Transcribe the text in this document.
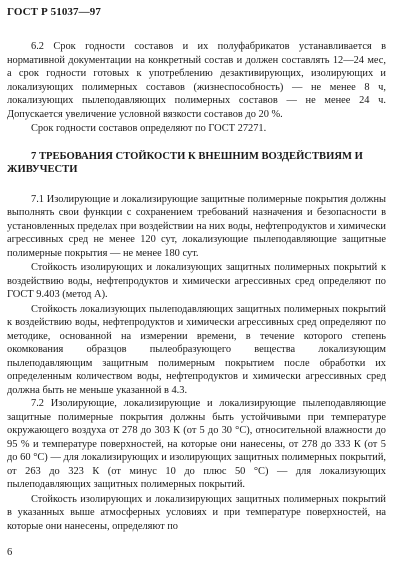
ГОСТ Р 51037—97

6.2 Срок годности составов и их полуфабрикатов устанавливается в нормативной документации на конкретный состав и должен составлять 12—24 мес, а срок годности готовых к употреблению дезактивирующих, изолирующих и локализующих полимерных составов (жизнеспособность) — не менее 8 ч, локализующих пылеподавляющих полимерных составов — не менее 24 ч. Допускается увеличение условной вязкости составов до 20 %.

Срок годности составов определяют по ГОСТ 27271.

7 ТРЕБОВАНИЯ СТОЙКОСТИ К ВНЕШНИМ ВОЗДЕЙСТВИЯМ И ЖИВУЧЕСТИ

7.1 Изолирующие и локализирующие защитные полимерные покрытия должны выполнять свои функции с сохранением требований назначения и безопасности в установленных пределах при воздействии на них воды, нефтепродуктов и химически агрессивных сред не менее 120 сут, локализующие пылеподавляющие защитные полимерные покрытия — не менее 180 сут.

Стойкость изолирующих и локализующих защитных полимерных покрытий к воздействию воды, нефтепродуктов и химически агрессивных сред определяют по ГОСТ 9.403 (метод А).

Стойкость локализующих пылеподавляющих защитных полимерных покрытий к воздействию воды, нефтепродуктов и химически агрессивных сред определяют по методике, основанной на измерении времени, в течение которого степень окомкования образцов пылеобразующего вещества локализующим пылеподавляющим защитным полимерным покрытием после обработки их определенным количеством воды, нефтепродуктов и химически агрессивных сред должна быть не меньше указанной в 4.3.

7.2 Изолирующие, локализирующие и локализирующие пылеподавляющие защитные полимерные покрытия должны быть устойчивыми при температуре окружающего воздуха от 278 до 303 К (от 5 до 30 °С), относительной влажности до 95 % и температуре поверхностей, на которые они нанесены, от 278 до 333 К (от 5 до 60 °С) — для локализирующих и изолирующих защитных полимерных покрытий, от 263 до 323 К (от минус 10 до плюс 50 °С) — для локализующих пылеподавляющих защитных полимерных покрытий.

Стойкость изолирующих и локализирующих защитных полимерных покрытий в указанных выше атмосферных условиях и при температуре поверхностей, на которые они нанесены, определяют по

6
